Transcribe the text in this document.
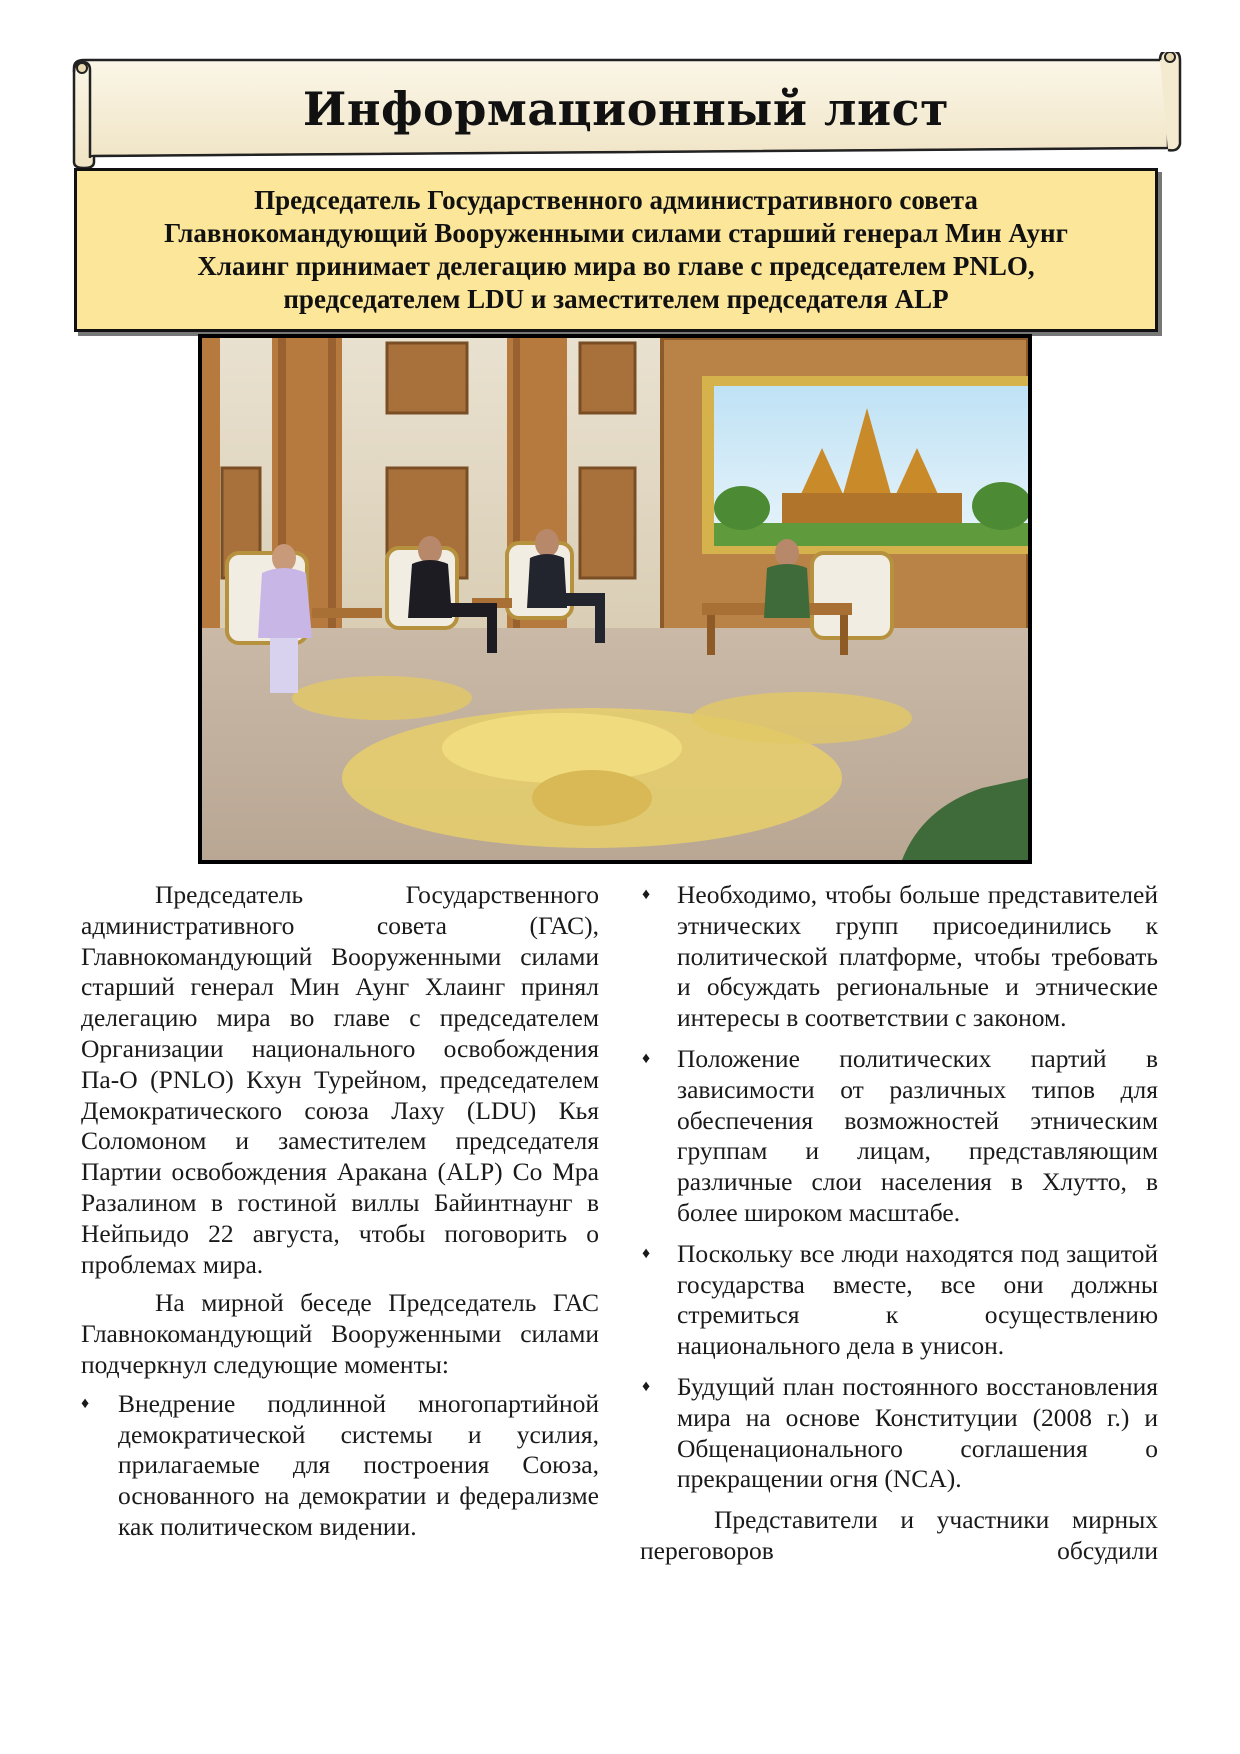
Информационный лист
Председатель Государственного административного совета
Главнокомандующий Вооруженными силами старший генерал Мин Аунг
Хлаинг принимает делегацию мира во главе с председателем PNLO,
председателем LDU и заместителем председателя ALP

Председатель Государственного административного совета (ГАС), Главнокомандующий Вооруженными силами старший генерал Мин Аунг Хлаинг принял делегацию мира во главе с председателем Организации национального освобождения Па-О (PNLO) Кхун Турейном, председателем Демократического союза Лаху (LDU) Кья Соломоном и заместителем председателя Партии освобождения Аракана (ALP) Со Мра Разалином в гостиной виллы Байинтнаунг в Нейпьидо 22 августа, чтобы поговорить о проблемах мира.

На мирной беседе Председатель ГАС Главнокомандующий Вооруженными силами подчеркнул следующие моменты:

♦ Внедрение подлинной многопартийной демократической системы и усилия, прилагаемые для построения Союза, основанного на демократии и федерализме как политическом видении.
♦ Необходимо, чтобы больше представителей этнических групп присоединились к политической платформе, чтобы требовать и обсуждать региональные и этнические интересы в соответствии с законом.
♦ Положение политических партий в зависимости от различных типов для обеспечения возможностей этническим группам и лицам, представляющим различные слои населения в Хлутто, в более широком масштабе.
♦ Поскольку все люди находятся под защитой государства вместе, все они должны стремиться к осуществлению национального дела в унисон.
♦ Будущий план постоянного восстановления мира на основе Конституции (2008 г.) и Общенационального соглашения о прекращении огня (NCA).

Представители и участники мирных переговоров обсудили
